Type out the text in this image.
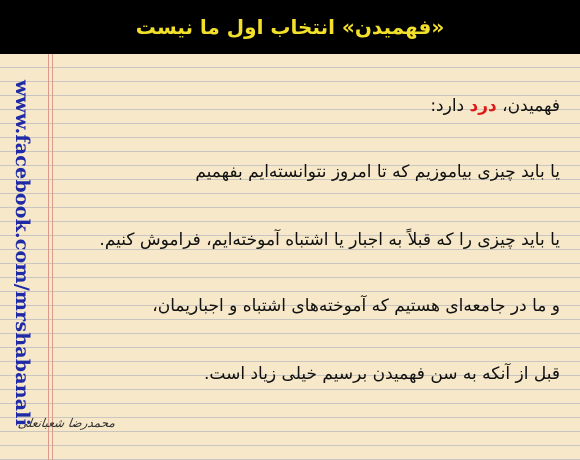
«فهمیدن» انتخاب اول ما نیست
www.facebook.com/mrshabanali	فهمیدن، درد دارد:
یا باید چیزی بیاموزیم که تا امروز نتوانسته‌ایم بفهمیم
یا باید چیزی را که قبلاً به اجبار یا اشتباه آموخته‌ایم، فراموش کنیم.
و ما در جامعه‌ای هستیم که آموخته‌های اشتباه و اجباریمان،
قبل از آنکه به سن فهمیدن برسیم خیلی زیاد است.
محمدرضا شعبانعلی
